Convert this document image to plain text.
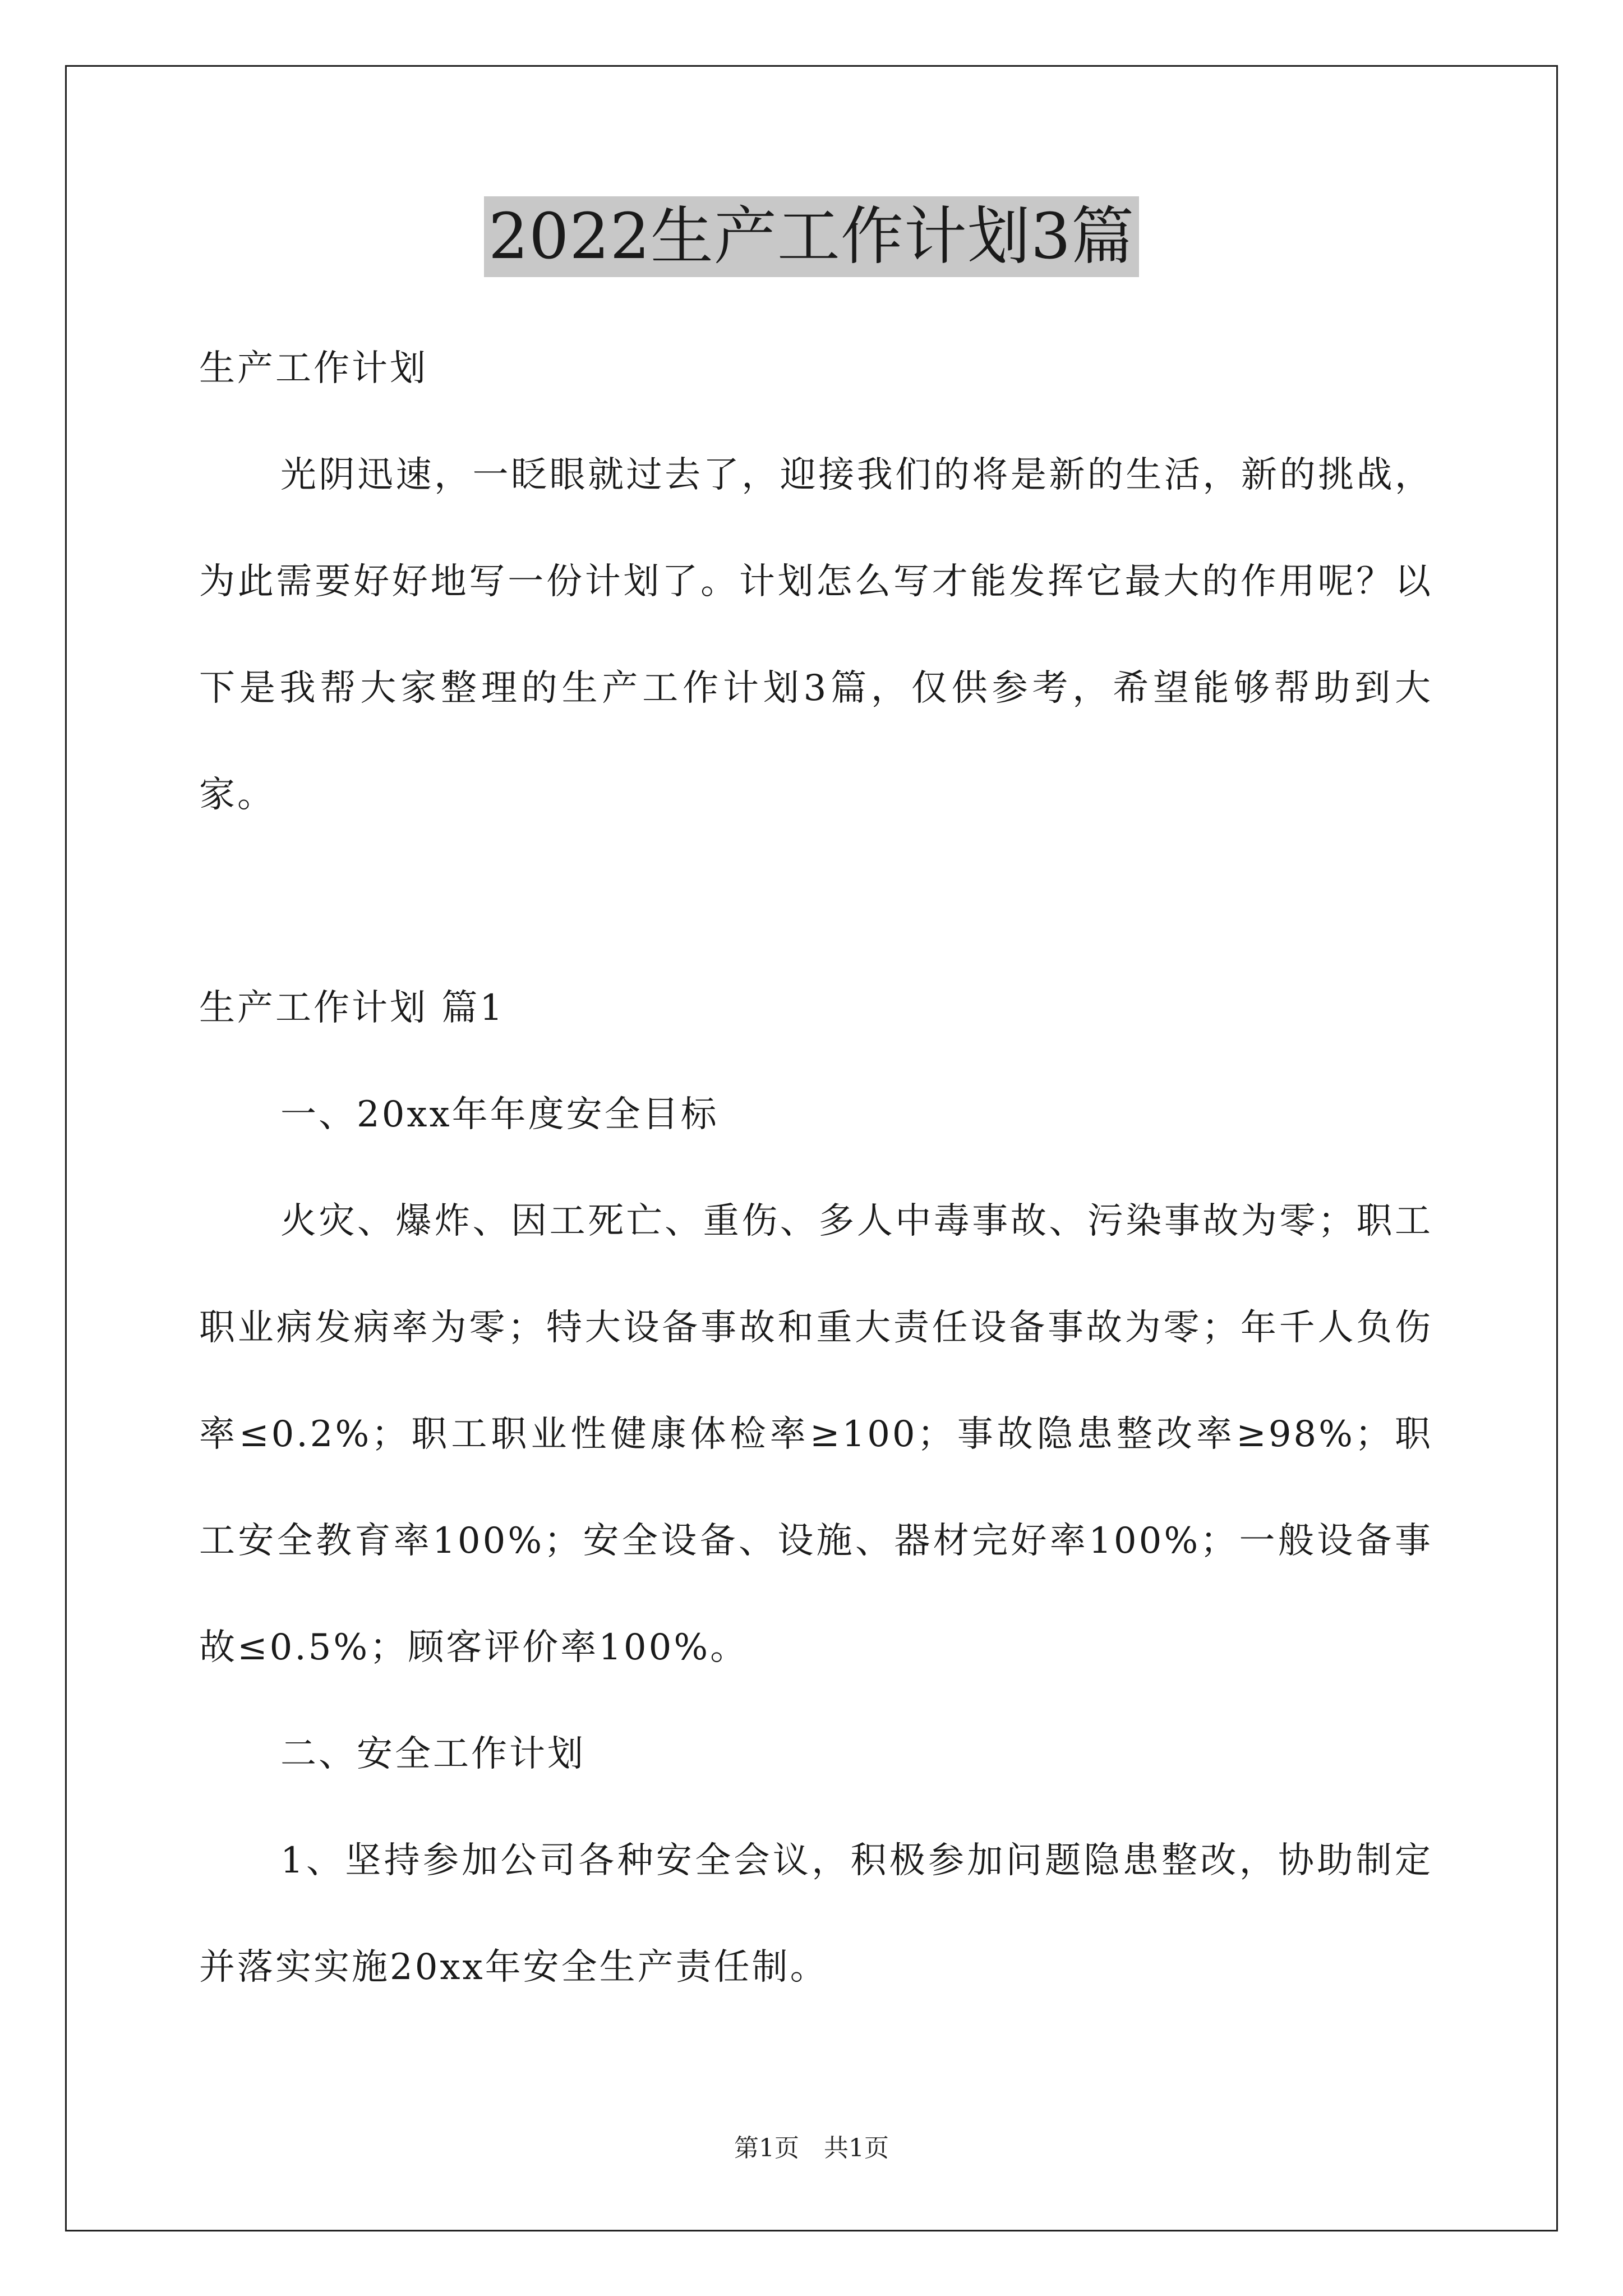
2022生产工作计划3篇

生产工作计划

光阴迅速，一眨眼就过去了，迎接我们的将是新的生活，新的挑战，为此需要好好地写一份计划了。计划怎么写才能发挥它最大的作用呢？以下是我帮大家整理的生产工作计划3篇，仅供参考，希望能够帮助到大家。

生产工作计划 篇1

一、20xx年年度安全目标

火灾、爆炸、因工死亡、重伤、多人中毒事故、污染事故为零；职工职业病发病率为零；特大设备事故和重大责任设备事故为零；年千人负伤率≤0.2%；职工职业性健康体检率≥100；事故隐患整改率≥98%；职工安全教育率100%；安全设备、设施、器材完好率100%；一般设备事故≤0.5%；顾客评价率100%。

二、安全工作计划

1、坚持参加公司各种安全会议，积极参加问题隐患整改，协助制定并落实实施20xx年安全生产责任制。

第1页 共1页
